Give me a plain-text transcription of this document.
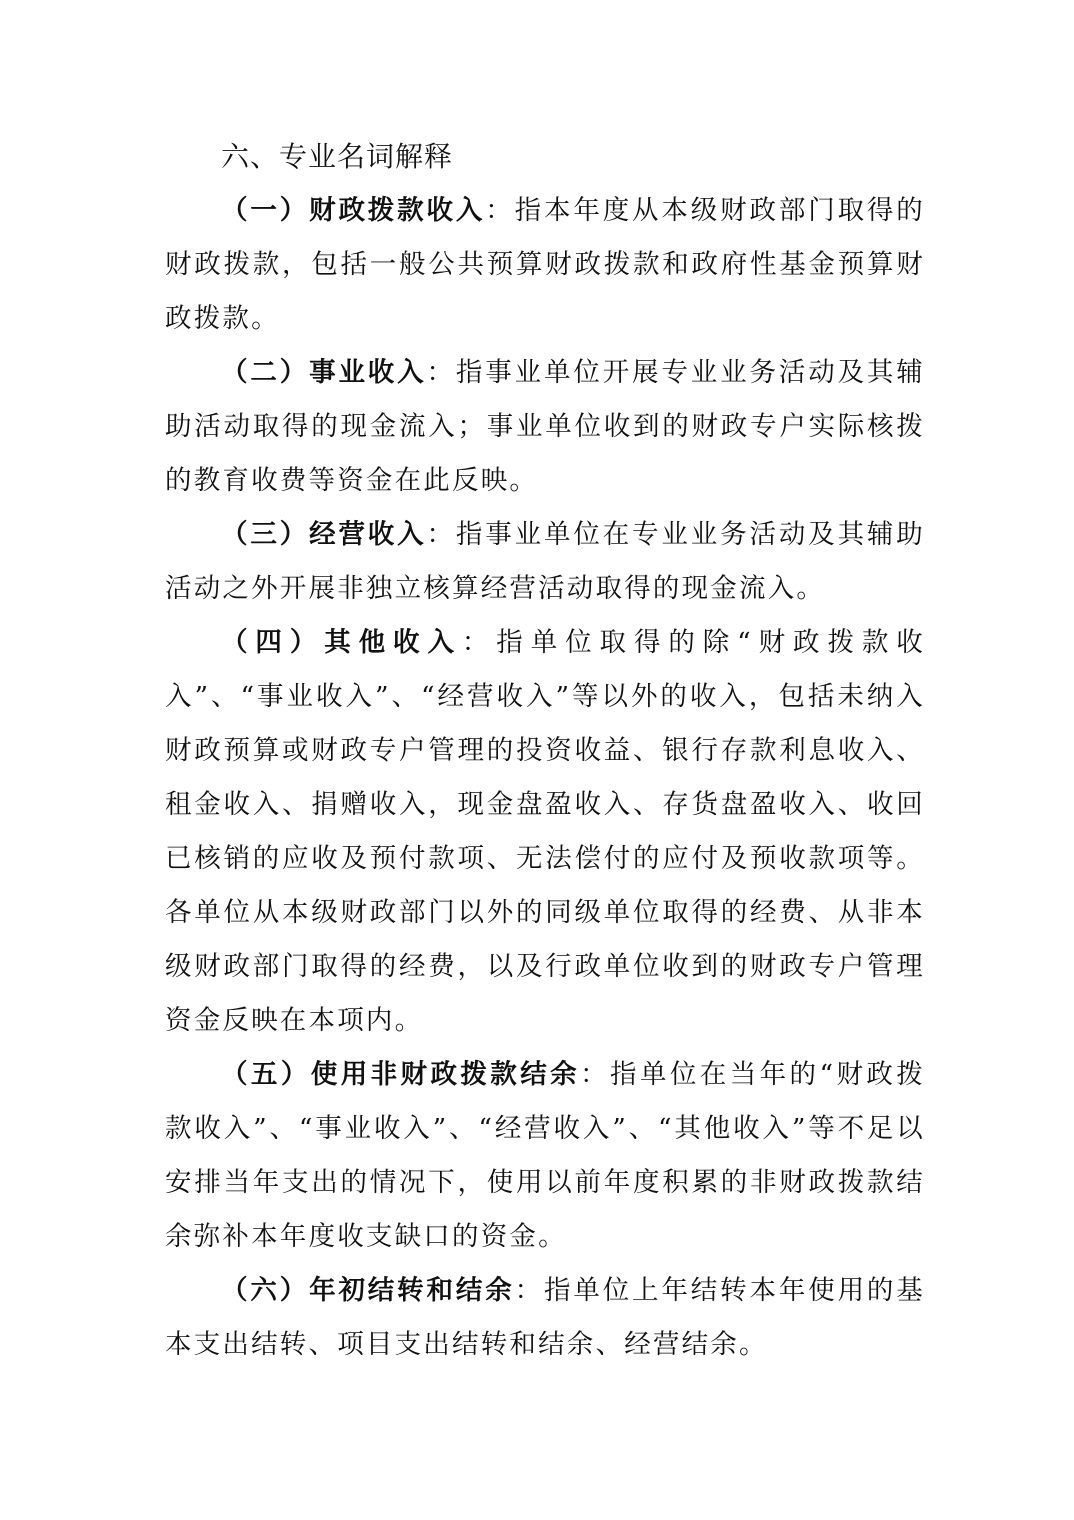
六、专业名词解释

（一）财政拨款收入：指本年度从本级财政部门取得的财政拨款，包括一般公共预算财政拨款和政府性基金预算财政拨款。

（二）事业收入：指事业单位开展专业业务活动及其辅助活动取得的现金流入；事业单位收到的财政专户实际核拨的教育收费等资金在此反映。

（三）经营收入：指事业单位在专业业务活动及其辅助活动之外开展非独立核算经营活动取得的现金流入。

（四）其他收入：指单位取得的除“财政拨款收入”、“事业收入”、“经营收入”等以外的收入，包括未纳入财政预算或财政专户管理的投资收益、银行存款利息收入、租金收入、捐赠收入，现金盘盈收入、存货盘盈收入、收回已核销的应收及预付款项、无法偿付的应付及预收款项等。各单位从本级财政部门以外的同级单位取得的经费、从非本级财政部门取得的经费，以及行政单位收到的财政专户管理资金反映在本项内。

（五）使用非财政拨款结余：指单位在当年的“财政拨款收入”、“事业收入”、“经营收入”、“其他收入”等不足以安排当年支出的情况下，使用以前年度积累的非财政拨款结余弥补本年度收支缺口的资金。

（六）年初结转和结余：指单位上年结转本年使用的基本支出结转、项目支出结转和结余、经营结余。
